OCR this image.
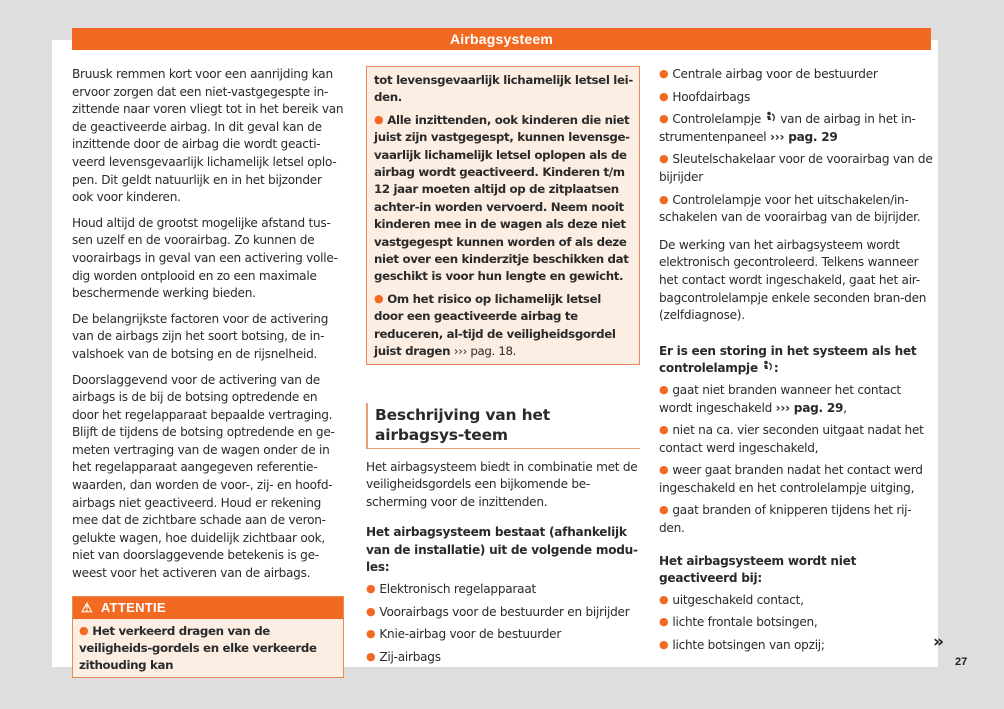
Airbagsysteem

Bruusk remmen kort voor een aanrijding kan ervoor zorgen dat een niet-vastgegespte in-zittende naar voren vliegt tot in het bereik van de geactiveerde airbag. In dit geval kan de inzittende door de airbag die wordt geacti-veerd levensgevaarlijk lichamelijk letsel oplo-pen. Dit geldt natuurlijk en in het bijzonder ook voor kinderen.

Houd altijd de grootst mogelijke afstand tus-sen uzelf en de voorairbag. Zo kunnen de voorairbags in geval van een activering volle-dig worden ontplooid en zo een maximale beschermende werking bieden.

De belangrijkste factoren voor de activering van de airbags zijn het soort botsing, de in-valshoek van de botsing en de rijsnelheid.

Doorslaggevend voor de activering van de airbags is de bij de botsing optredende en door het regelapparaat bepaalde vertraging. Blijft de tijdens de botsing optredende en ge-meten vertraging van de wagen onder de in het regelapparaat aangegeven referentie-waarden, dan worden de voor-, zij- en hoofd-airbags niet geactiveerd. Houd er rekening mee dat de zichtbare schade aan de veron-gelukte wagen, hoe duidelijk zichtbaar ook, niet van doorslaggevende betekenis is ge-weest voor het activeren van de airbags.

⚠ ATTENTIE
● Het verkeerd dragen van de veiligheids-gordels en elke verkeerde zithouding kan

tot levensgevaarlijk lichamelijk letsel lei-den.

● Alle inzittenden, ook kinderen die niet juist zijn vastgegespt, kunnen levensge-vaarlijk lichamelijk letsel oplopen als de airbag wordt geactiveerd. Kinderen t/m 12 jaar moeten altijd op de zitplaatsen achter-in worden vervoerd. Neem nooit kinderen mee in de wagen als deze niet vastgegespt kunnen worden of als deze niet over een kinderzitje beschikken dat geschikt is voor hun lengte en gewicht.

● Om het risico op lichamelijk letsel door een geactiveerde airbag te reduceren, al-tijd de veiligheidsgordel juist dragen ››› pag. 18.

Beschrijving van het airbagsys-teem

Het airbagsysteem biedt in combinatie met de veiligheidsgordels een bijkomende be-scherming voor de inzittenden.

Het airbagsysteem bestaat (afhankelijk van de installatie) uit de volgende modu-les:

● Elektronisch regelapparaat
● Voorairbags voor de bestuurder en bijrijder
● Knie-airbag voor de bestuurder
● Zij-airbags
● Centrale airbag voor de bestuurder
● Hoofdairbags
● Controlelampje van de airbag in het in-strumentenpaneel ››› pag. 29
● Sleutelschakelaar voor de voorairbag van de bijrijder
● Controlelampje voor het uitschakelen/in-schakelen van de voorairbag van de bijrijder.

De werking van het airbagsysteem wordt elektronisch gecontroleerd. Telkens wanneer het contact wordt ingeschakeld, gaat het air-bagcontrolelampje enkele seconden bran-den (zelfdiagnose).

Er is een storing in het systeem als het controlelampje :

● gaat niet branden wanneer het contact wordt ingeschakeld ››› pag. 29,
● niet na ca. vier seconden uitgaat nadat het contact werd ingeschakeld,
● weer gaat branden nadat het contact werd ingeschakeld en het controlelampje uitging,
● gaat branden of knipperen tijdens het rij-den.

Het airbagsysteem wordt niet geactiveerd bij:

● uitgeschakeld contact,
● lichte frontale botsingen,
● lichte botsingen van opzij;	»
27
